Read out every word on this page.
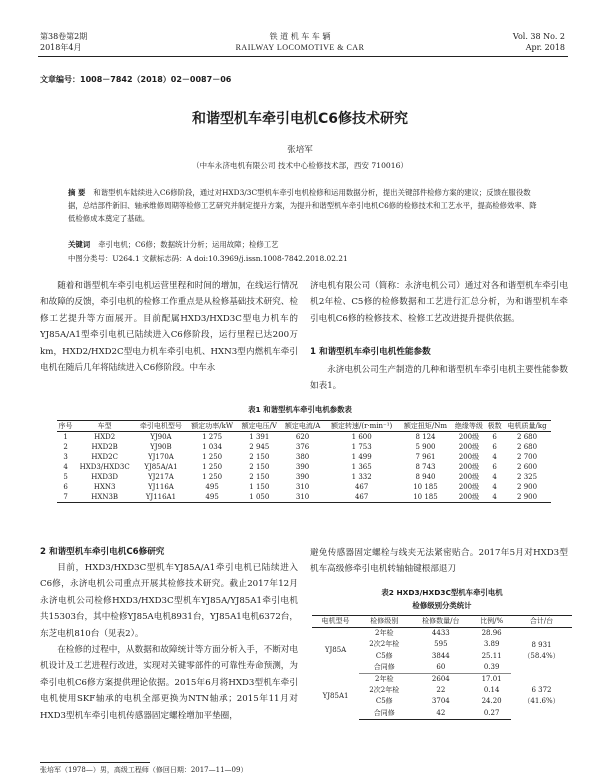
第38卷第2期
2018年4月
铁 道 机 车 车 辆
RAILWAY LOCOMOTIVE & CAR
Vol. 38 No. 2
Apr. 2018
文章编号：1008－7842（2018）02－0087－06
和谐型机车牵引电机C6修技术研究
张培军
（中车永济电机有限公司 技术中心检修技术部，西安 710016）
摘 要 和谐型机车陆续进入C6修阶段，通过对HXD3/3C型机车牵引电机检修和运用数据分析，提出关键部件检修方案的建议；反馈在服役数据，总结部件新旧、轴承维修周期等检修工艺研究并制定提升方案，为提升和谐型机车牵引电机C6修的检修技术和工艺水平，提高检修效率、降低检修成本奠定了基础。
关键词 牵引电机；C6修；数据统计分析；运用故障；检修工艺
中图分类号：U264.1 文献标志码：A doi:10.3969/j.issn.1008-7842.2018.02.21

随着和谐型机车牵引电机运营里程和时间的增加，在线运行情况和故障的反馈，牵引电机的检修工作重点是从检修基础技术研究、检修工艺提升等方面展开。目前配属HXD3/HXD3C型电力机车的YJ85A/A1型牵引电机已陆续进入C6修阶段，运行里程已达200万km，HXD2/HXD2C型电力机车牵引电机、HXN3型内燃机车牵引电机在随后几年将陆续进入C6修阶段。中车永

济电机有限公司（简称：永济电机公司）通过对各和谐型机车牵引电机2年检、C5修的检修数据和工艺进行汇总分析，为和谐型机车牵引电机C6修的检修技术、检修工艺改进提升提供依据。
1 和谐型机车牵引电机性能参数

永济电机公司生产制造的几种和谐型机车牵引电机主要性能参数如表1。

表1 和谐型机车牵引电机参数表
序号	车型	牵引电机型号	额定功率/kW	额定电压/V	额定电流/A	额定转速/(r·min⁻¹)	额定扭矩/Nm	绝缘等级	极数	电机质量/kg
1	HXD2	YJ90A	1 275	1 391	620	1 600	8 124	200级	6	2 680
2	HXD2B	YJ90B	1 034	2 945	376	1 753	5 900	200级	6	2 680
3	HXD2C	YJ170A	1 250	2 150	380	1 499	7 961	200级	4	2 700
4	HXD3/HXD3C	YJ85A/A1	1 250	2 150	390	1 365	8 743	200级	6	2 600
5	HXD3D	YJ217A	1 250	2 150	390	1 332	8 940	200级	4	2 325
6	HXN3	YJ116A	495	1 150	310	467	10 185	200级	4	2 900
7	HXN3B	YJ116A1	495	1 050	310	467	10 185	200级	4	2 900
2 和谐型机车牵引电机C6修研究

目前，HXD3/HXD3C型机车YJ85A/A1牵引电机已陆续进入C6修，永济电机公司重点开展其检修技术研究。截止2017年12月永济电机公司检修HXD3/HXD3C型机车YJ85A/YJ85A1牵引电机共15303台，其中检修YJ85A电机8931台，YJ85A1电机6372台，东芝电机810台（见表2）。

在检修的过程中，从数据和故障统计等方面分析入手，不断对电机设计及工艺进程行改进，实现对关键零部件的可靠性寿命预测，为牵引电机C6修方案提供理论依据。2015年6月将HXD3型机车牵引电机使用SKF轴承的电机全部更换为NTN轴承；2015年11月对HXD3型机车牵引电机传感器固定螺栓增加平垫圈，

避免传感器固定螺栓与线夹无法紧密贴合。2017年5月对HXD3型机车高级修牵引电机转轴轴键根部退刀
表2 HXD3/HXD3C型机车牵引电机
检修级别分类统计
电机型号	检修级别	检修数量/台	比例/%	合计/台
YJ85A	2年检	4433	28.96	8 931
（58.4%）

	2次2年检	595	3.89	
	C5修	3844	25.11	
	合同修	60	0.39	
YJ85A1	2年检	2604	17.01	6 372
（41.6%）

	2次2年检	22	0.14	
	C5修	3704	24.20	
	合同修	42	0.27	
张培军（1978—）男，高级工程师（修回日期：2017—11—09）
